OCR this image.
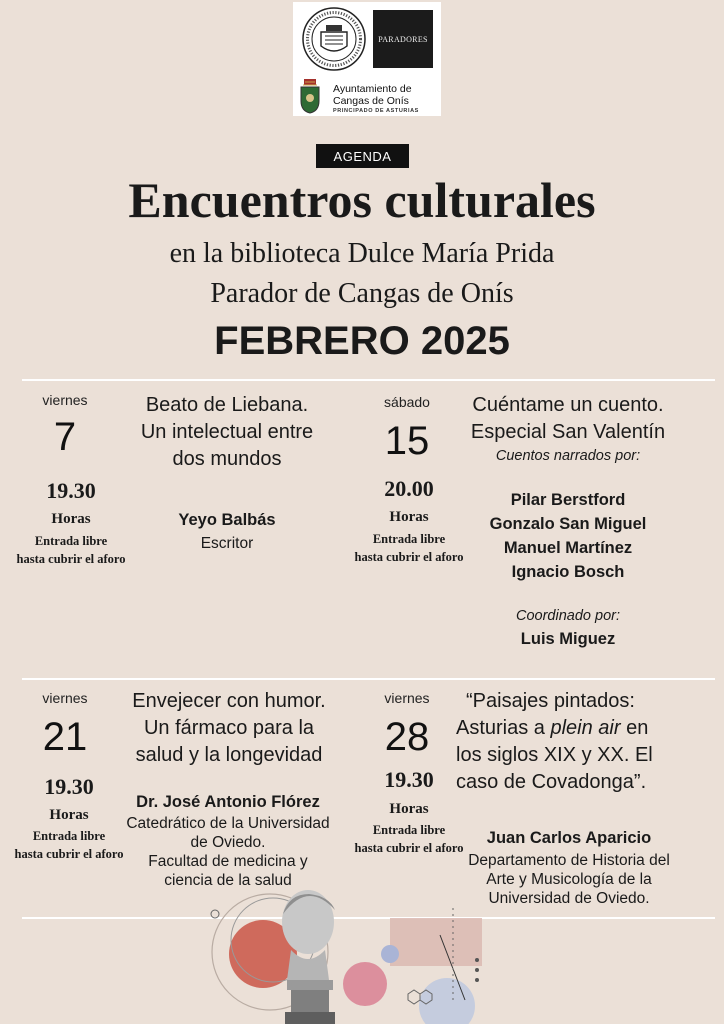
PARADORES
Ayuntamiento de
Cangas de Onís
PRINCIPADO DE ASTURIAS
AGENDA
Encuentros culturales
en la biblioteca Dulce María Prida
Parador de Cangas de Onís
FEBRERO 2025
viernes
7
19.30
Horas
Entrada libre
hasta cubrir el aforo
Beato de Liebana.
Un intelectual entre
dos mundos
Yeyo Balbás
Escritor
sábado
15
20.00
Horas
Entrada libre
hasta cubrir el aforo
Cuéntame un cuento.
Especial San Valentín
Cuentos narrados por:
Pilar Berstford
Gonzalo San Miguel
Manuel Martínez
Ignacio Bosch
Coordinado por:
Luis Miguez
viernes
21
19.30
Horas
Entrada libre
hasta cubrir el aforo
Envejecer con humor.
Un fármaco para la
salud y la longevidad
Dr. José Antonio Flórez
Catedrático de la Universidad
de Oviedo.
Facultad de medicina y
ciencia de la salud
viernes
28
19.30
Horas
Entrada libre
hasta cubrir el aforo
“Paisajes pintados:
Asturias a plein air en
los siglos XIX y XX. El
caso de Covadonga”.
Juan Carlos Aparicio
Departamento de Historia del
Arte y Musicología de la
Universidad de Oviedo.
